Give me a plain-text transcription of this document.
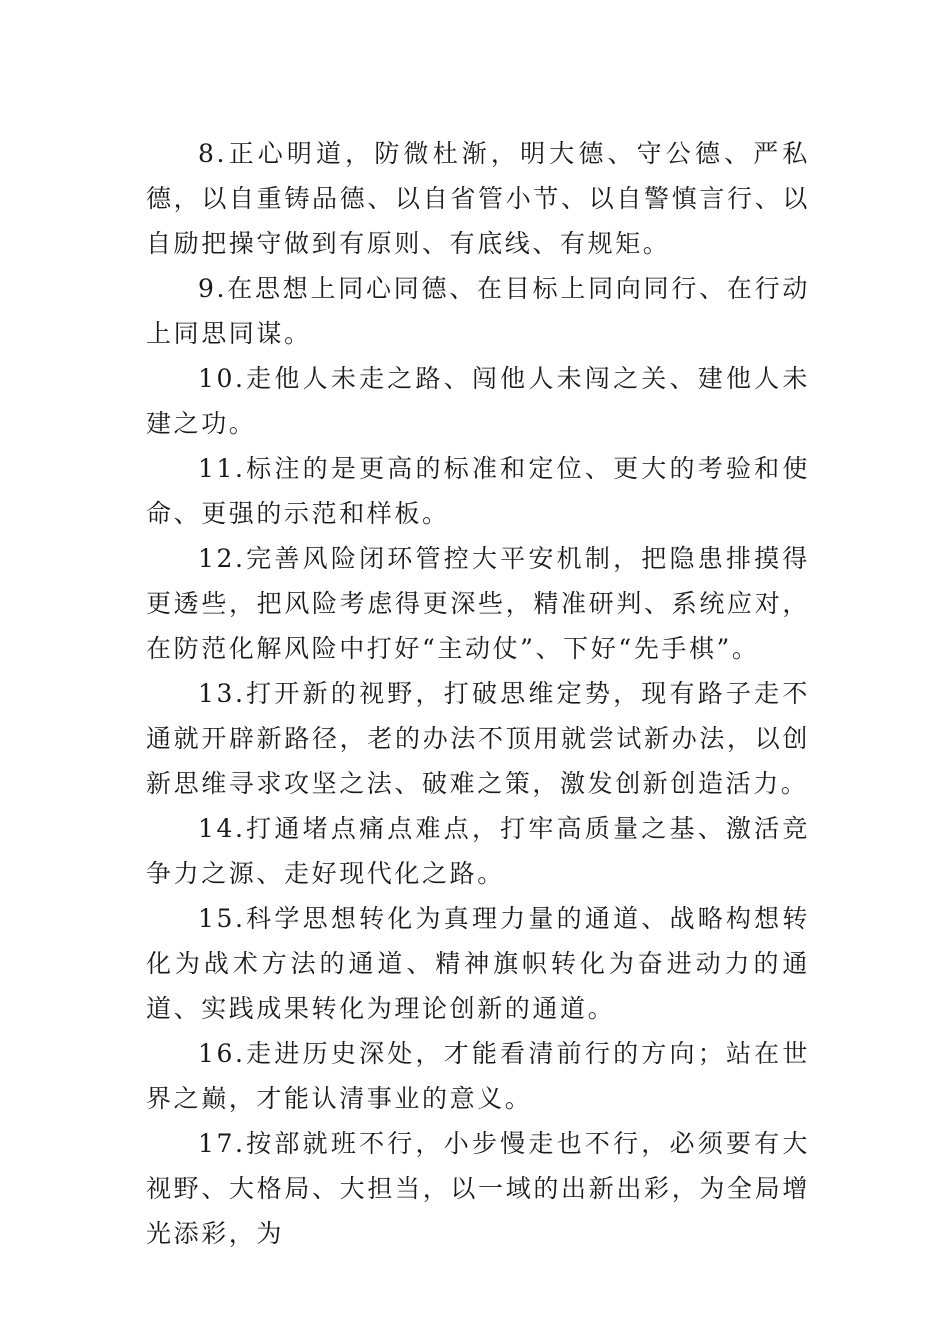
8.正心明道，防微杜渐，明大德、守公德、严私德，以自重铸品德、以自省管小节、以自警慎言行、以自励把操守做到有原则、有底线、有规矩。

9.在思想上同心同德、在目标上同向同行、在行动上同思同谋。

10.走他人未走之路、闯他人未闯之关、建他人未建之功。

11.标注的是更高的标准和定位、更大的考验和使命、更强的示范和样板。

12.完善风险闭环管控大平安机制，把隐患排摸得更透些，把风险考虑得更深些，精准研判、系统应对，在防范化解风险中打好“主动仗”、下好“先手棋”。

13.打开新的视野，打破思维定势，现有路子走不通就开辟新路径，老的办法不顶用就尝试新办法，以创新思维寻求攻坚之法、破难之策，激发创新创造活力。

14.打通堵点痛点难点，打牢高质量之基、激活竞争力之源、走好现代化之路。

15.科学思想转化为真理力量的通道、战略构想转化为战术方法的通道、精神旗帜转化为奋进动力的通道、实践成果转化为理论创新的通道。

16.走进历史深处，才能看清前行的方向；站在世界之巅，才能认清事业的意义。

17.按部就班不行，小步慢走也不行，必须要有大视野、大格局、大担当，以一域的出新出彩，为全局增光添彩，为
